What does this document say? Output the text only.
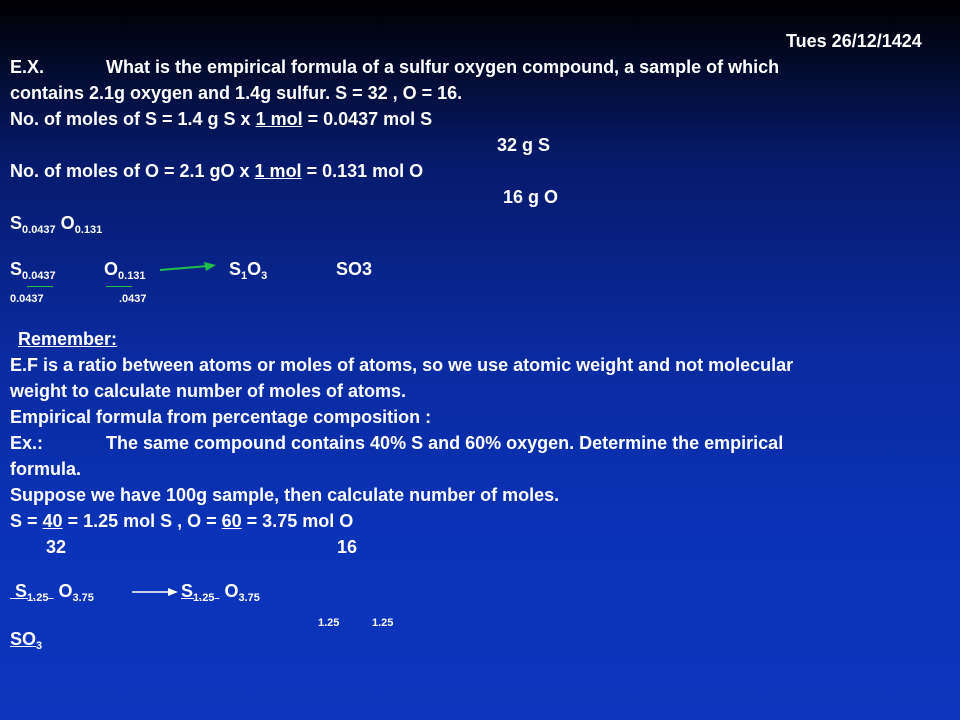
Tues 26/12/1424
E.X.	What is the empirical formula of a sulfur oxygen compound, a sample of which
contains 2.1g oxygen and 1.4g sulfur. S = 32 , O = 16.
No. of moles of S = 1.4 g S x 1 mol = 0.0437 mol S
32 g S
No. of moles of O = 2.1 gO x 1 mol = 0.131 mol O
16 g O
$S_{0.0437}$ $O_{0.131}$
$S_{0.0437}$	$O_{0.131}$	$S_1O_3$	SO3
0.0437	.0437
Remember:
E.F is a ratio between atoms or moles of atoms, so we use atomic weight and not molecular
weight to calculate number of moles of atoms.
Empirical formula from percentage composition :
Ex.:	The same compound contains 40% S and 60% oxygen. Determine the empirical
formula.
Suppose we have 100g sample, then calculate number of moles.
S = 40 = 1.25 mol S , O = 60 = 3.75 mol O
32	16
$S_{1.25}$  $O_{3.75}$	$S_{1.25}$  $O_{3.75}$
1.25	1.25
$SO_3$
